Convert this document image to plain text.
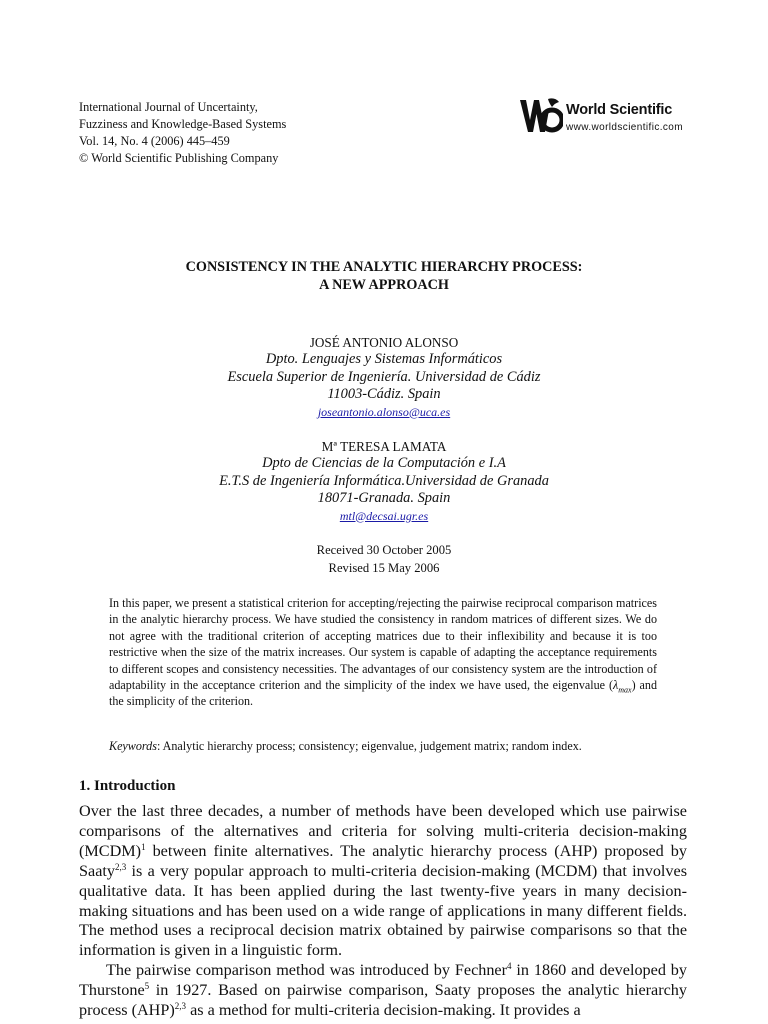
International Journal of Uncertainty,
Fuzziness and Knowledge-Based Systems
Vol. 14, No. 4 (2006) 445–459
© World Scientific Publishing Company
World Scientific
www.worldscientific.com
CONSISTENCY IN THE ANALYTIC HIERARCHY PROCESS:
A NEW APPROACH
JOSÉ ANTONIO ALONSO
Dpto. Lenguajes y Sistemas Informáticos
Escuela Superior de Ingeniería. Universidad de Cádiz
11003-Cádiz. Spain
joseantonio.alonso@uca.es
Mª TERESA LAMATA
Dpto de Ciencias de la Computación e I.A
E.T.S de Ingeniería Informática.Universidad de Granada
18071-Granada. Spain
mtl@decsai.ugr.es
Received 30 October 2005
Revised 15 May 2006
In this paper, we present a statistical criterion for accepting/rejecting the pairwise reciprocal comparison matrices in the analytic hierarchy process. We have studied the consistency in random matrices of different sizes. We do not agree with the traditional criterion of accepting matrices due to their inflexibility and because it is too restrictive when the size of the matrix increases. Our system is capable of adapting the acceptance requirements to different scopes and consistency necessities. The advantages of our consistency system are the introduction of adaptability in the acceptance criterion and the simplicity of the index we have used, the eigenvalue $(\lambda_{max})$ and the simplicity of the criterion.
Keywords: Analytic hierarchy process; consistency; eigenvalue, judgement matrix; random index.
1. Introduction

Over the last three decades, a number of methods have been developed which use pairwise comparisons of the alternatives and criteria for solving multi-criteria decision-making (MCDM)$^1$ between finite alternatives. The analytic hierarchy process (AHP) proposed by Saaty$^{2,3}$ is a very popular approach to multi-criteria decision-making (MCDM) that involves qualitative data. It has been applied during the last twenty-five years in many decision-making situations and has been used on a wide range of applications in many different fields. The method uses a reciprocal decision matrix obtained by pairwise comparisons so that the information is given in a linguistic form.

The pairwise comparison method was introduced by Fechner$^4$ in 1860 and developed by Thurstone$^5$ in 1927. Based on pairwise comparison, Saaty proposes the analytic hierarchy process (AHP)$^{2,3}$ as a method for multi-criteria decision-making. It provides a
